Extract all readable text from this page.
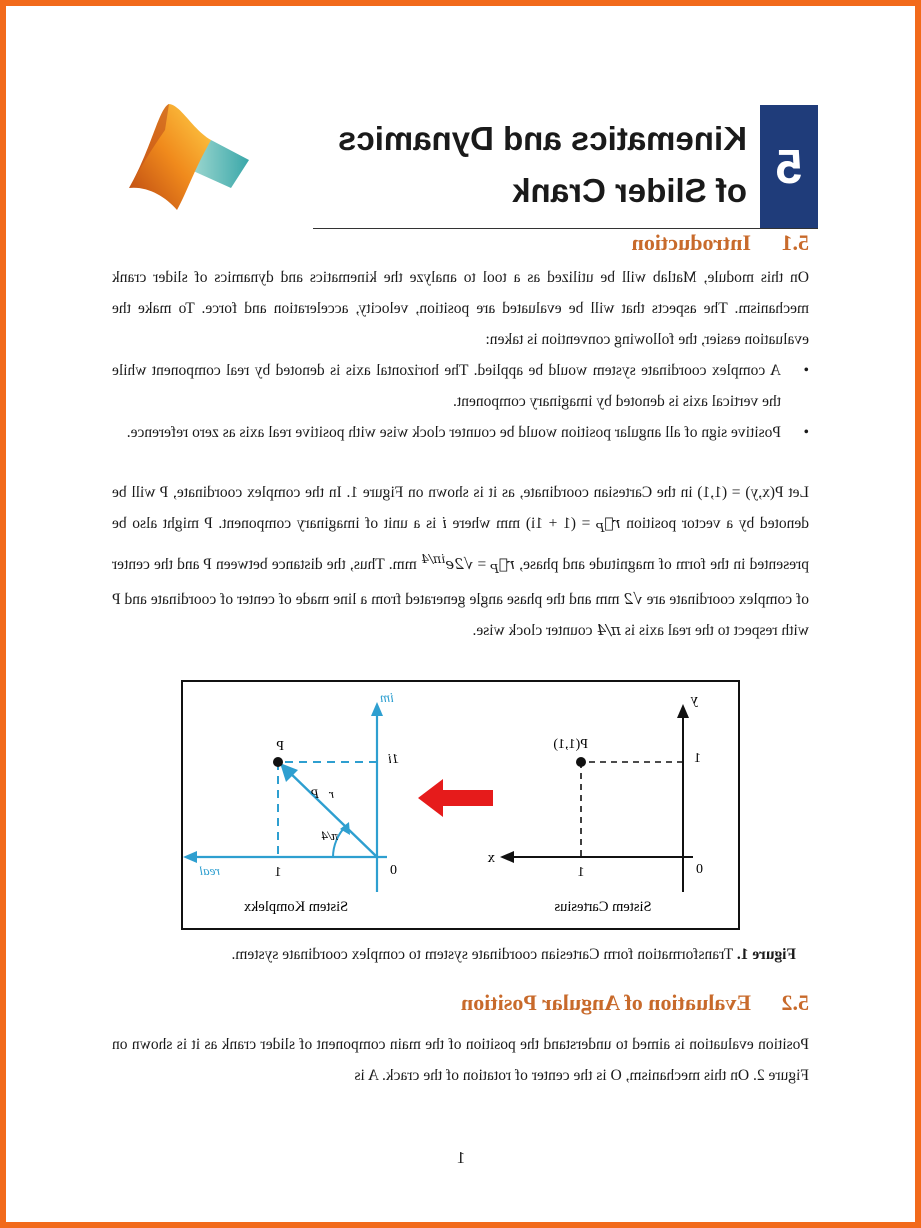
5
Kinematics and Dynamics
of Slider Crank
5.1Introduction

On this module, Matlab will be utilized as a tool to analyze the kinematics and dynamics of slider crank mechanism. The aspects that will be evaluated are position, velocity, acceleration and force. To make the evaluation easier, the following convention is taken:

•
A complex coordinate system would be applied. The horizontal axis is denoted by real component while the vertical axis is denoted by imaginary component.
•
Positive sign of all angular position would be counter clock wise with positive real axis as zero reference.

Let P(x,y) = (1,1) in the Cartesian coordinate, as it is shown on Figure 1. In the complex coordinate, P will be denoted by a vector position $r⃗_P = (1 + 1i)$ mm where i is a unit of imaginary component. P might also be presented in the form of magnitude and phase, $r⃗_P = √2e^{i\pi/4}$ mm. Thus, the distance between P and the center of complex coordinate are √2 mm and the phase angle generated from a line made of center of coordinate and P with respect to the real axis is π/4 counter clock wise.

1
0
1
x
y
P(1,1)
Sistem Cartesius
1i
0
1
real
im
P
r⃗P
π/4
Sistem Komplekx

Figure 1. Transformation form Cartesian coordinate system to complex coordinate system.

5.2Evaluation of Angular Position

Position evaluation is aimed to understand the position of the main component of slider crank as it is shown on Figure 2. On this mechanism, O is the center of rotation of the crack. A is

1
